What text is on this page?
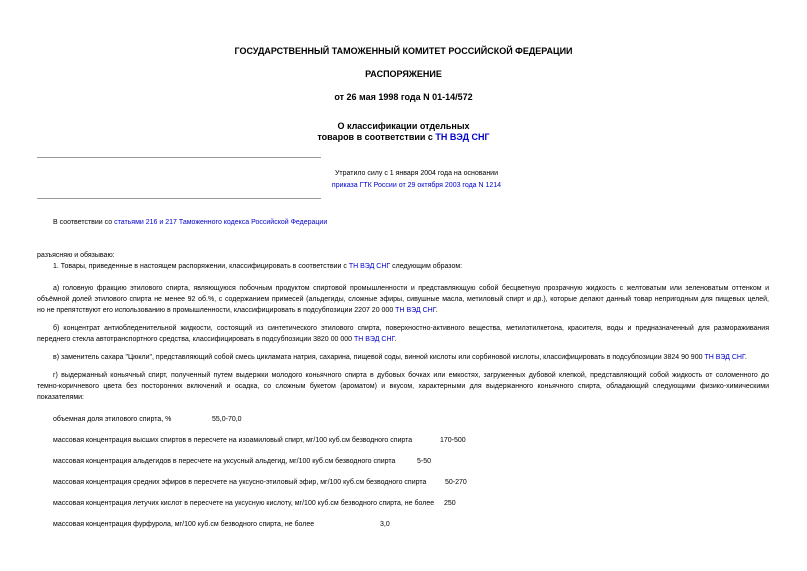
ГОСУДАРСТВЕННЫЙ ТАМОЖЕННЫЙ КОМИТЕТ РОССИЙСКОЙ ФЕДЕРАЦИИ
РАСПОРЯЖЕНИЕ
от 26 мая 1998 года N 01-14/572
О классификации отдельных
товаров в соответствии с ТН ВЭД СНГ
Утратило силу с 1 января 2004 года на основании
приказа ГТК России от 29 октября 2003 года N 1214
В соответствии со статьями 216 и 217 Таможенного кодекса Российской Федерации
разъясняю и обязываю:
1. Товары, приведенные в настоящем распоряжении, классифицировать в соответствии с ТН ВЭД СНГ следующим образом:
а) головную фракцию этилового спирта, являющуюся побочным продуктом спиртовой промышленности и представляющую собой бесцветную прозрачную жидкость с желтоватым или зеленоватым оттенком и
объёмной долей этилового спирта не менее 92 об.%, с содержанием примесей (альдегиды, сложные эфиры, сивушные масла, метиловый спирт и др.), которые делают данный товар непригодным для пищевых целей,
но не препятствуют его использованию в промышленности, классифицировать в подсубпозиции 2207 20 000 ТН ВЭД СНГ.
б) концентрат антиобледенительной жидкости, состоящий из синтетического этилового спирта, поверхностно-активного вещества, метилэтилкетона, красителя, воды и предназначенный для размораживания
переднего стекла автотранспортного средства, классифицировать в подсубпозиции 3820 00 000 ТН ВЭД СНГ.
в) заменитель сахара "Цюкли", представляющий собой смесь цикламата натрия, сахарина, пищевой соды, винной кислоты или сорбиновой кислоты, классифицировать в подсубпозиции 3824 90 900 ТН ВЭД СНГ.
г) выдержанный коньячный спирт, полученный путем выдержки молодого коньячного спирта в дубовых бочках или емкостях, загруженных дубовой клепкой, представляющий собой жидкость от соломенного до
темно-коричневого цвета без посторонних включений и осадка, со сложным букетом (ароматом) и вкусом, характерными для выдержанного коньячного спирта, обладающий следующими физико-химическими
показателями:
объемная доля этилового спирта, %	55,0-70,0
массовая концентрация высших спиртов в пересчете на изоамиловый спирт, мг/100 куб.см безводного спирта	170-500
массовая концентрация альдегидов в пересчете на уксусный альдегид, мг/100 куб.см безводного спирта	5-50
массовая концентрация средних эфиров в пересчете на уксусно-этиловый эфир, мг/100 куб.см безводного спирта	50-270
массовая концентрация летучих кислот в пересчете на уксусную кислоту, мг/100 куб.см безводного спирта, не более 250
массовая концентрация фурфурола, мг/100 куб.см безводного спирта, не более	3,0
